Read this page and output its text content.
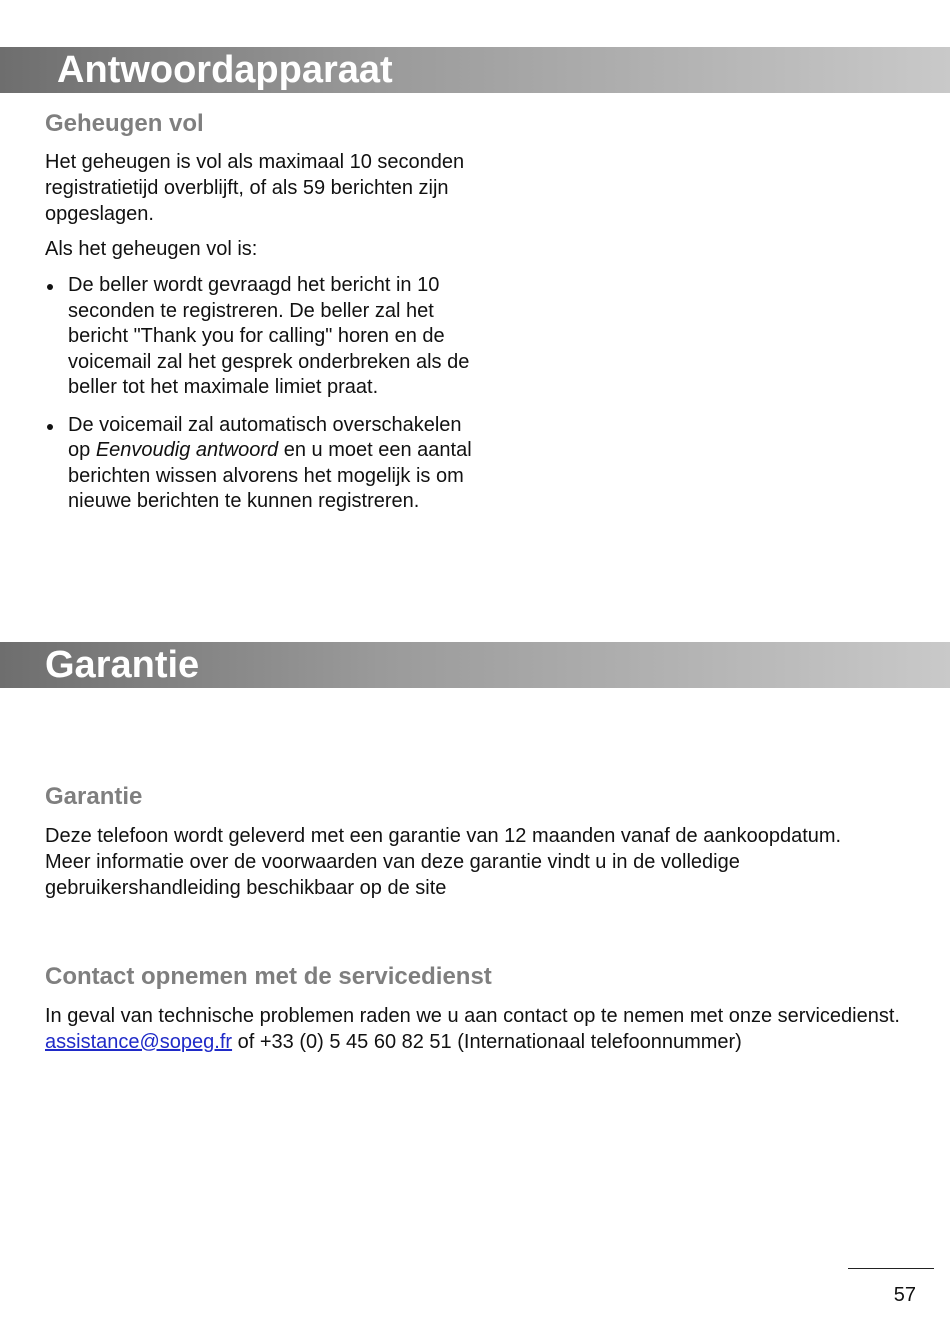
Antwoordapparaat
Geheugen vol

Het geheugen is vol als maximaal 10 seconden registratietijd overblijft, of als 59 berichten zijn opgeslagen.

Als het geheugen vol is:

De beller wordt gevraagd het bericht in 10 seconden te registreren. De beller zal het bericht "Thank you for calling" horen en de voicemail zal het gesprek onderbreken als de beller tot het maximale limiet praat.
De voicemail zal automatisch overschakelen op Eenvoudig antwoord en u moet een aantal berichten wissen alvorens het mogelijk is om nieuwe berichten te kunnen registreren.
Garantie
Garantie

Deze telefoon wordt geleverd met een garantie van 12 maanden vanaf de aankoopdatum.
Meer informatie over de voorwaarden van deze garantie vindt u in de volledige gebruikershandleiding beschikbaar op de site

Contact opnemen met de servicedienst

In geval van technische problemen raden we u aan contact op te nemen met onze servicedienst. assistance@sopeg.fr of +33 (0) 5 45 60 82 51 (Internationaal telefoonnummer)

57
